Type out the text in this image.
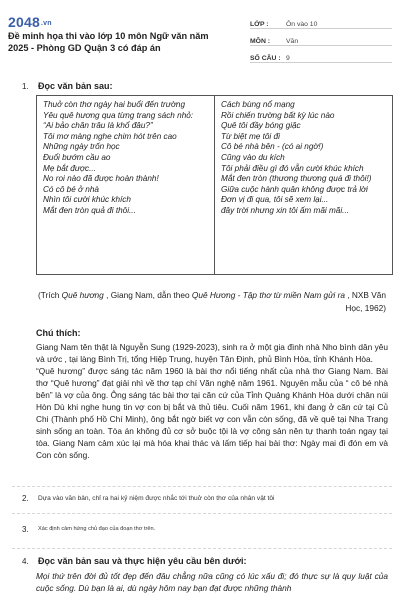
2048.vn
Đề minh họa thi vào lớp 10 môn Ngữ văn năm 2025 - Phòng GD Quận 3 có đáp án
LỚP :	Ôn vào 10
MÔN :	Văn
SỐ CÂU : 9
1. Đọc văn bản sau:
Thuở còn thơ ngày hai buổi đến trường
Yêu quê hương qua từng trang sách nhỏ:
“Ai bảo chăn trâu là khổ đâu?”
Tôi mơ màng nghe chim hót trên cao
Những ngày trốn học
Đuổi bướm cầu ao
Mẹ bắt được...
No roi nào đã được hoàn thành!
Có cô bé ở nhà
Nhìn tôi cười khúc khích
Mắt đen tròn quả đi thôi...
Cách bùng nổ mạng
Rồi chiến trường bất kỳ lúc nào
Quê tôi đầy bóng giặc
Từ biệt mẹ tôi đi
Cô bé nhà bên - (có ai ngờ!)
Cũng vào du kích
Tôi phải điều gì đó vẫn cười khúc khích
Mắt đen tròn (thương thương quá đi thôi!)
Giữa cuộc hành quân không được trả lời
Đơn vị đi qua, tôi sẽ xem lại...
đây trời nhưng xin tôi ấm mãi mãi...
(Trích Quê hương , Giang Nam, dẫn theo Quê Hương - Tập thơ từ miền Nam gửi ra , NXB Văn Học, 1962)
Chú thích:

Giang Nam tên thật là Nguyễn Sung (1929-2023), sinh ra ở một gia đình nhà Nho bình dân yêu và ước , tại làng Bình Trị, tổng Hiệp Trung, huyện Tân Định, phủ Bình Hòa, tỉnh Khánh Hòa.

“Quê hương” được sáng tác năm 1960 là bài thơ nổi tiếng nhất của nhà thơ Giang Nam. Bài thơ “Quê hương” đạt giải nhì về thơ tạp chí Văn nghệ năm 1961. Nguyên mẫu của “ cô bé nhà bên” là vợ của ông. Ông sáng tác bài thơ tại căn cứ của Tỉnh Quảng Khánh Hòa dưới chân núi Hòn Dù khi nghe hung tin vợ con bị bắt và thủ tiêu. Cuối năm 1961, khi đang ở căn cứ tại Củ Chi (Thành phố Hồ Chí Minh), ông bắt ngờ biết vợ con vẫn còn sống, đã về quê tại Nha Trang sinh sống an toàn. Tòa án không đủ cơ sở buộc tội là vợ công sản nên tự thanh toán ngay tại tòa. Giang Nam cảm xúc lại mà hóa khai thác và lấm tiếp hai bài thơ: Ngày mai đi đón em và Con còn sống.

2. Dựa vào văn bản, chỉ ra hai kỷ niệm được nhắc tới thuở còn thơ của nhân vật tôi
3. Xác định cảm hứng chủ đạo của đoạn thơ trên.
4. Đọc văn bản sau và thực hiện yêu cầu bên dưới:
Mọi thứ trên đời đủ tốt đẹp đến đâu chẳng nữa cũng có lúc xấu đi; đó thực sự là quy luật của cuộc sống. Dù bạn là ai, dù ngày hôm nay bạn đạt được những thành
